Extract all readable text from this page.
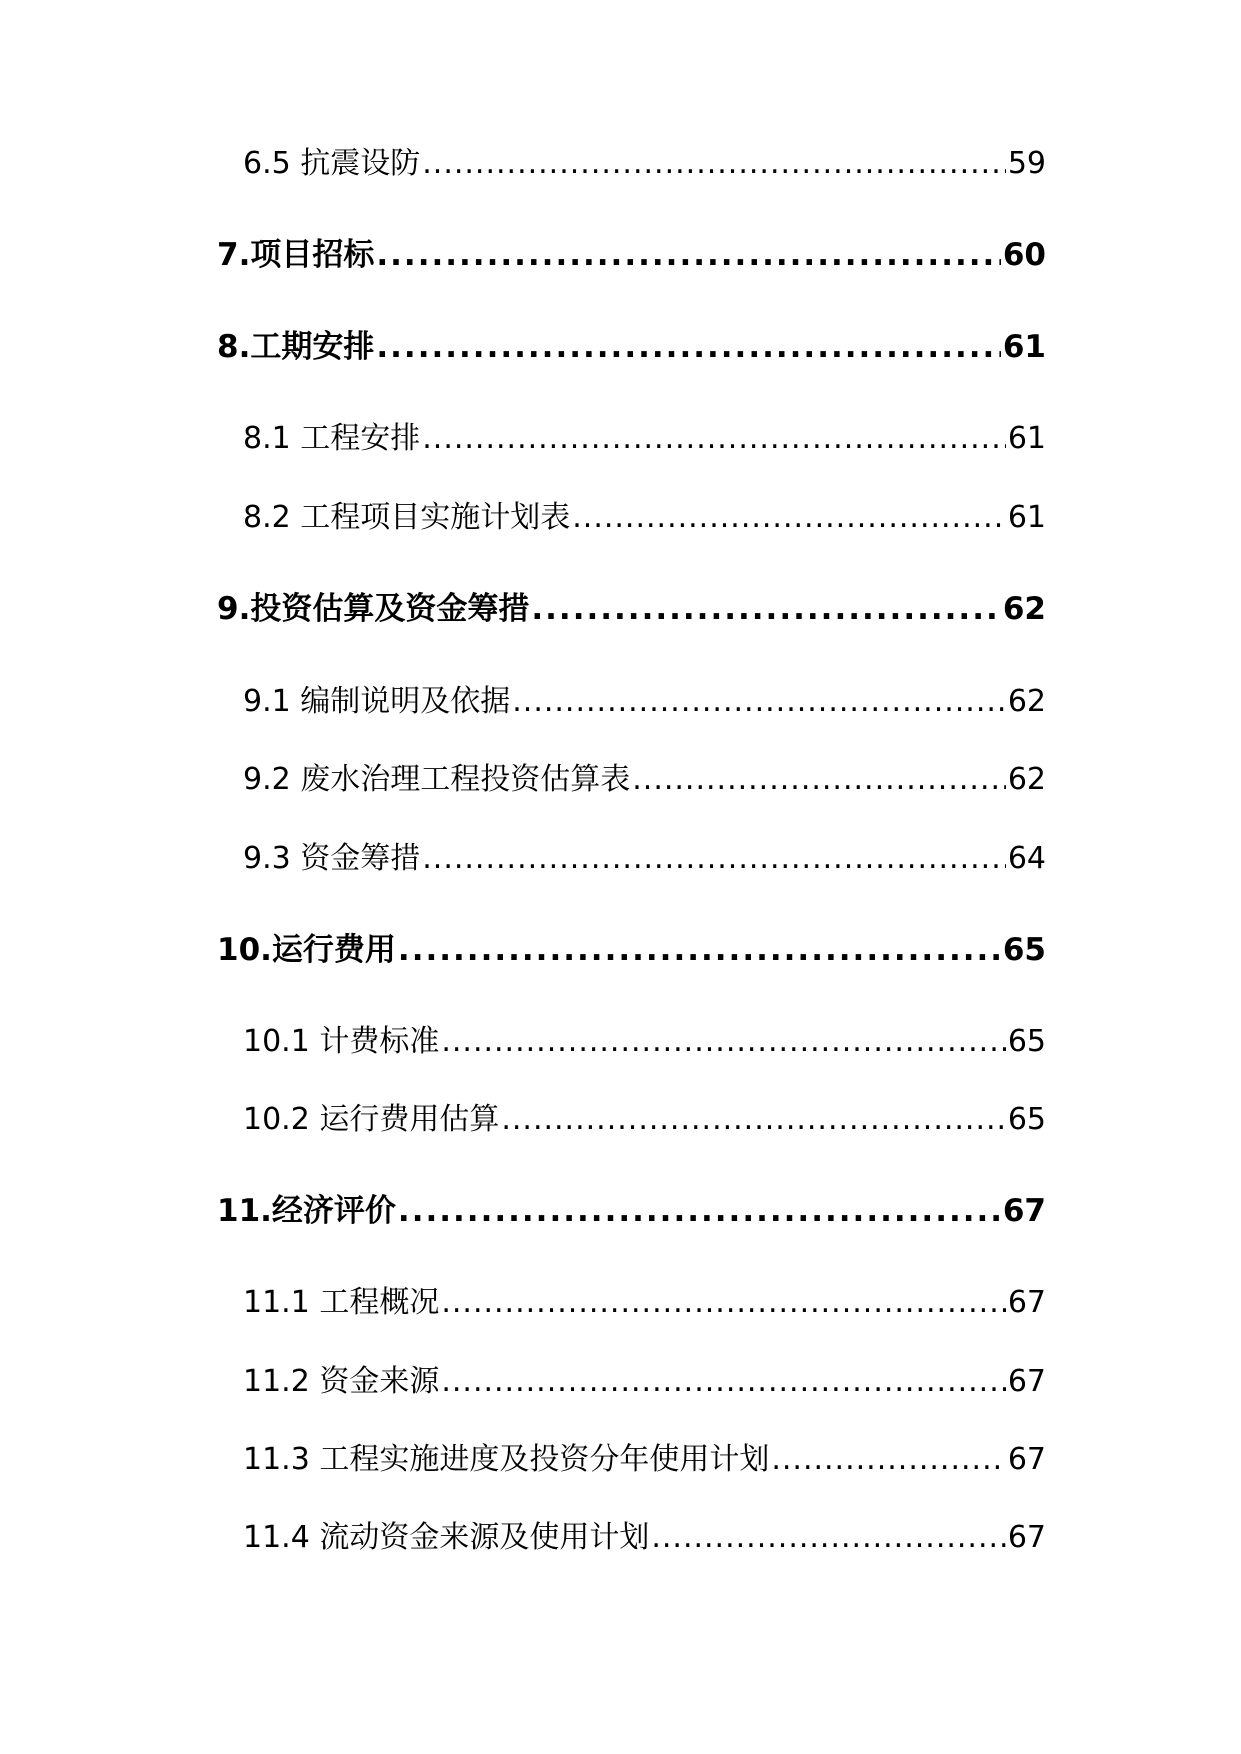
6.5 抗震设防 .....	59
7.项目招标 .....	60
8.工期安排 .....	61
8.1 工程安排 .....	61
8.2 工程项目实施计划表 .....	61
9.投资估算及资金筹措 .....	62
9.1 编制说明及依据 .....	62
9.2 废水治理工程投资估算表 .....	62
9.3 资金筹措 .....	64
10.运行费用 .....	65
10.1 计费标准 .....	65
10.2 运行费用估算 .....	65
11.经济评价 .....	67
11.1 工程概况 .....	67
11.2 资金来源 .....	67
11.3 工程实施进度及投资分年使用计划 .....	67
11.4 流动资金来源及使用计划 .....	67
